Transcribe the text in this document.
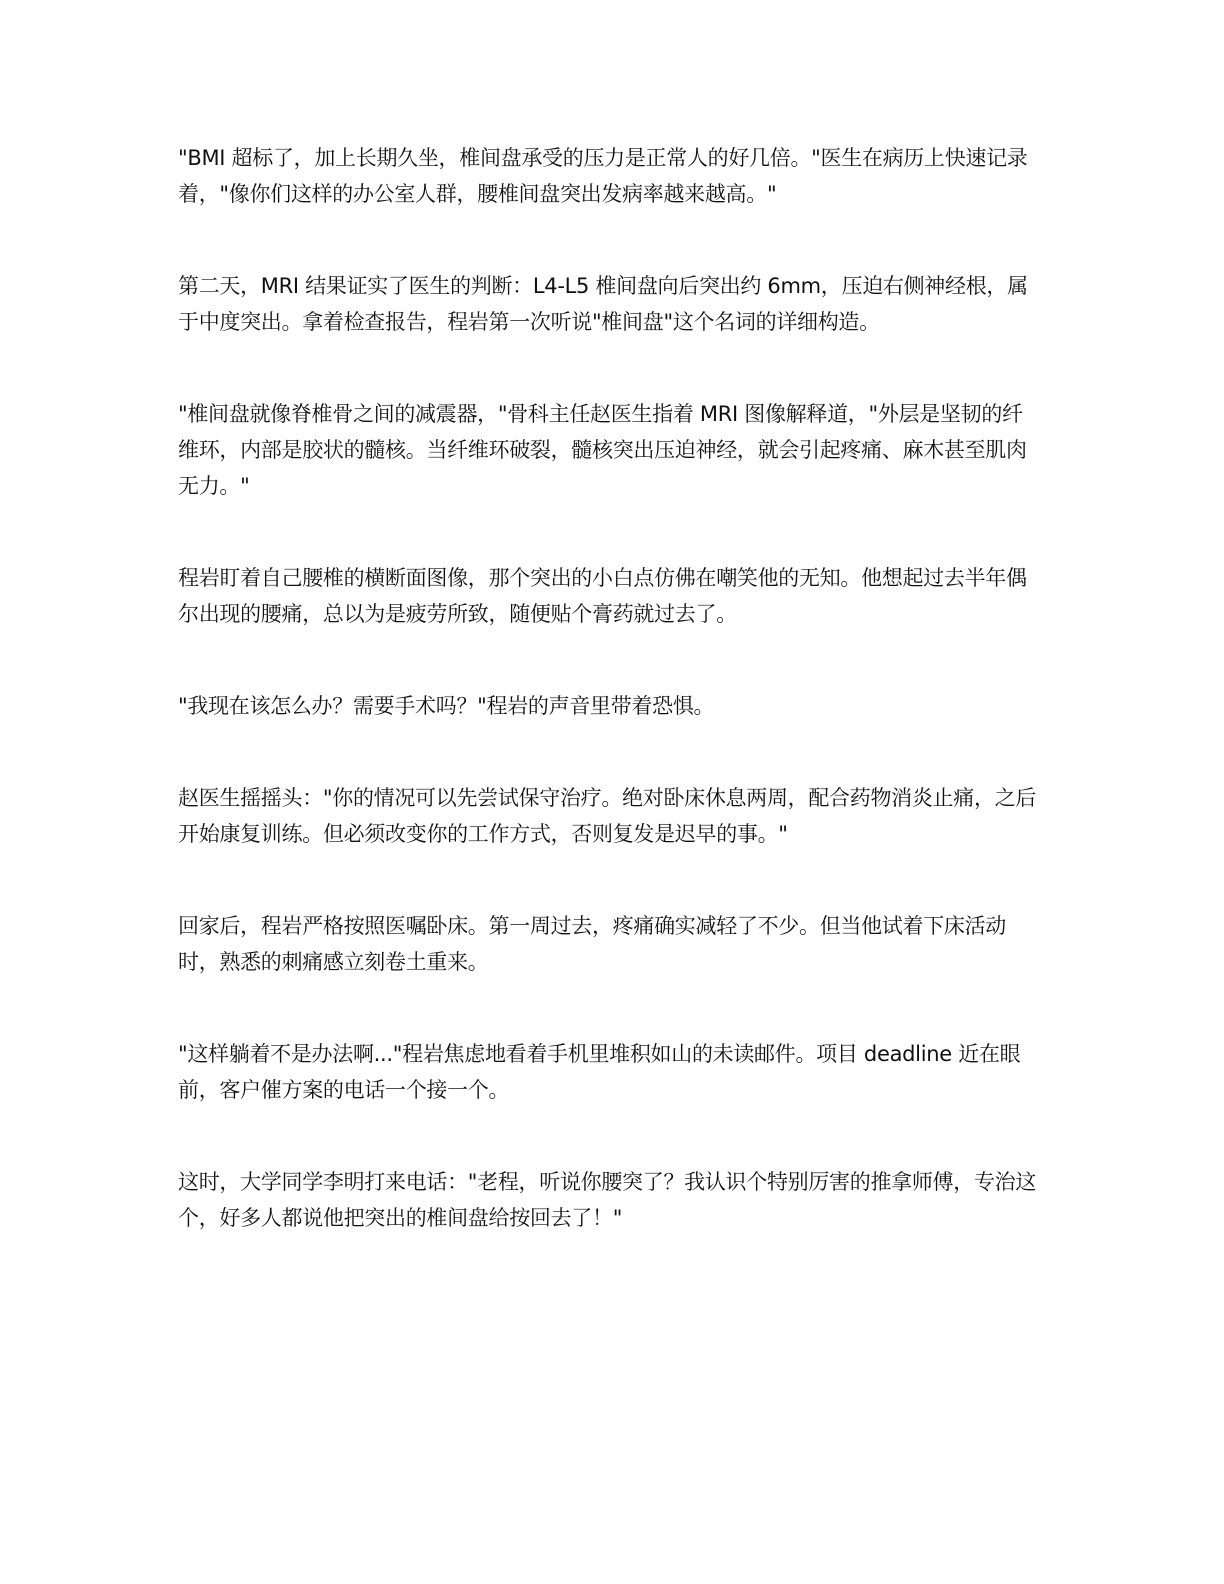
"BMI 超标了，加上长期久坐，椎间盘承受的压力是正常人的好几倍。"医生在病历上快速记录着，"像你们这样的办公室人群，腰椎间盘突出发病率越来越高。"

第二天，MRI 结果证实了医生的判断：L4-L5 椎间盘向后突出约 6mm，压迫右侧神经根，属于中度突出。拿着检查报告，程岩第一次听说"椎间盘"这个名词的详细构造。

"椎间盘就像脊椎骨之间的减震器，"骨科主任赵医生指着 MRI 图像解释道，"外层是坚韧的纤维环，内部是胶状的髓核。当纤维环破裂，髓核突出压迫神经，就会引起疼痛、麻木甚至肌肉无力。"

程岩盯着自己腰椎的横断面图像，那个突出的小白点仿佛在嘲笑他的无知。他想起过去半年偶尔出现的腰痛，总以为是疲劳所致，随便贴个膏药就过去了。

"我现在该怎么办？需要手术吗？"程岩的声音里带着恐惧。

赵医生摇摇头："你的情况可以先尝试保守治疗。绝对卧床休息两周，配合药物消炎止痛，之后开始康复训练。但必须改变你的工作方式，否则复发是迟早的事。"

回家后，程岩严格按照医嘱卧床。第一周过去，疼痛确实减轻了不少。但当他试着下床活动时，熟悉的刺痛感立刻卷土重来。

"这样躺着不是办法啊..."程岩焦虑地看着手机里堆积如山的未读邮件。项目 deadline 近在眼前，客户催方案的电话一个接一个。

这时，大学同学李明打来电话："老程，听说你腰突了？我认识个特别厉害的推拿师傅，专治这个，好多人都说他把突出的椎间盘给按回去了！"
